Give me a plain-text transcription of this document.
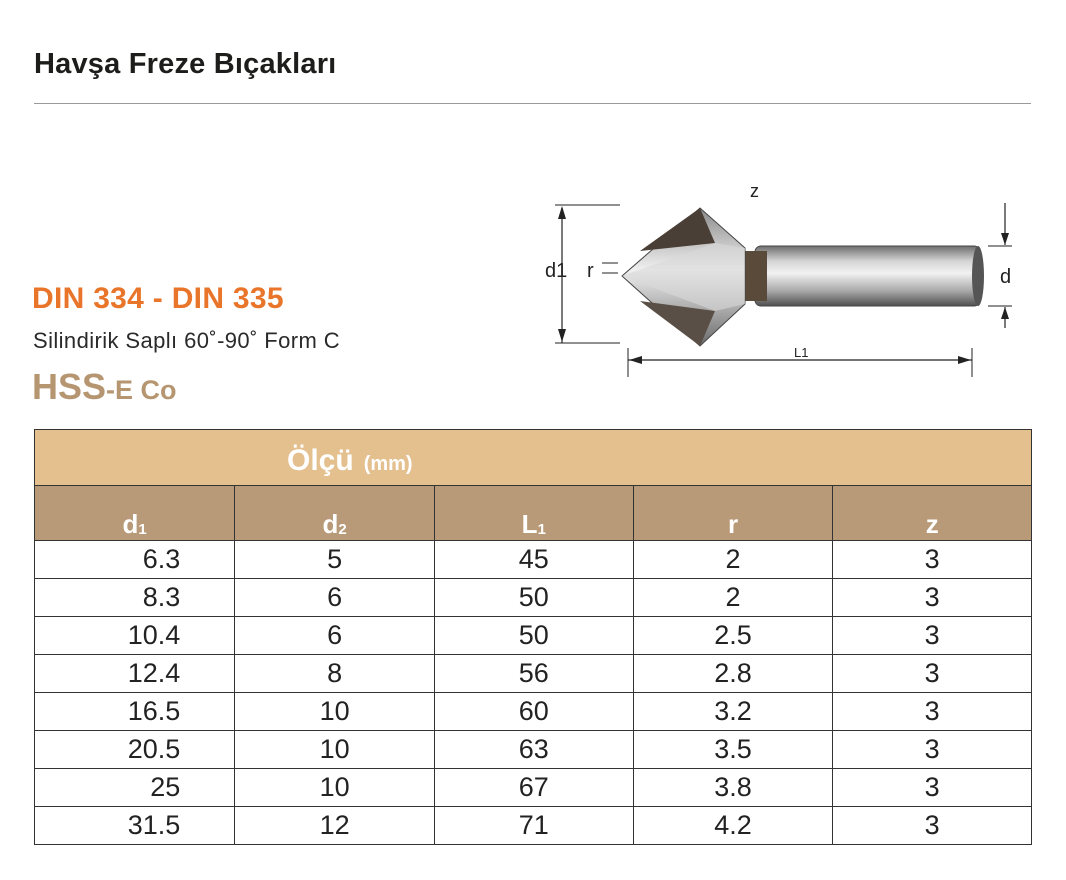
Havşa Freze Bıçakları
DIN 334 - DIN 335
Silindirik Saplı 60˚-90˚ Form C
HSS-E Co
z
d1 r	d
L1
Ölçü (mm)				
$d_1$	$d_2$	$L_1$	r	z
6.3	5	45	2	3
8.3	6	50	2	3
10.4	6	50	2.5	3
12.4	8	56	2.8	3
16.5	10	60	3.2	3
20.5	10	63	3.5	3
25	10	67	3.8	3
31.5	12	71	4.2	3
